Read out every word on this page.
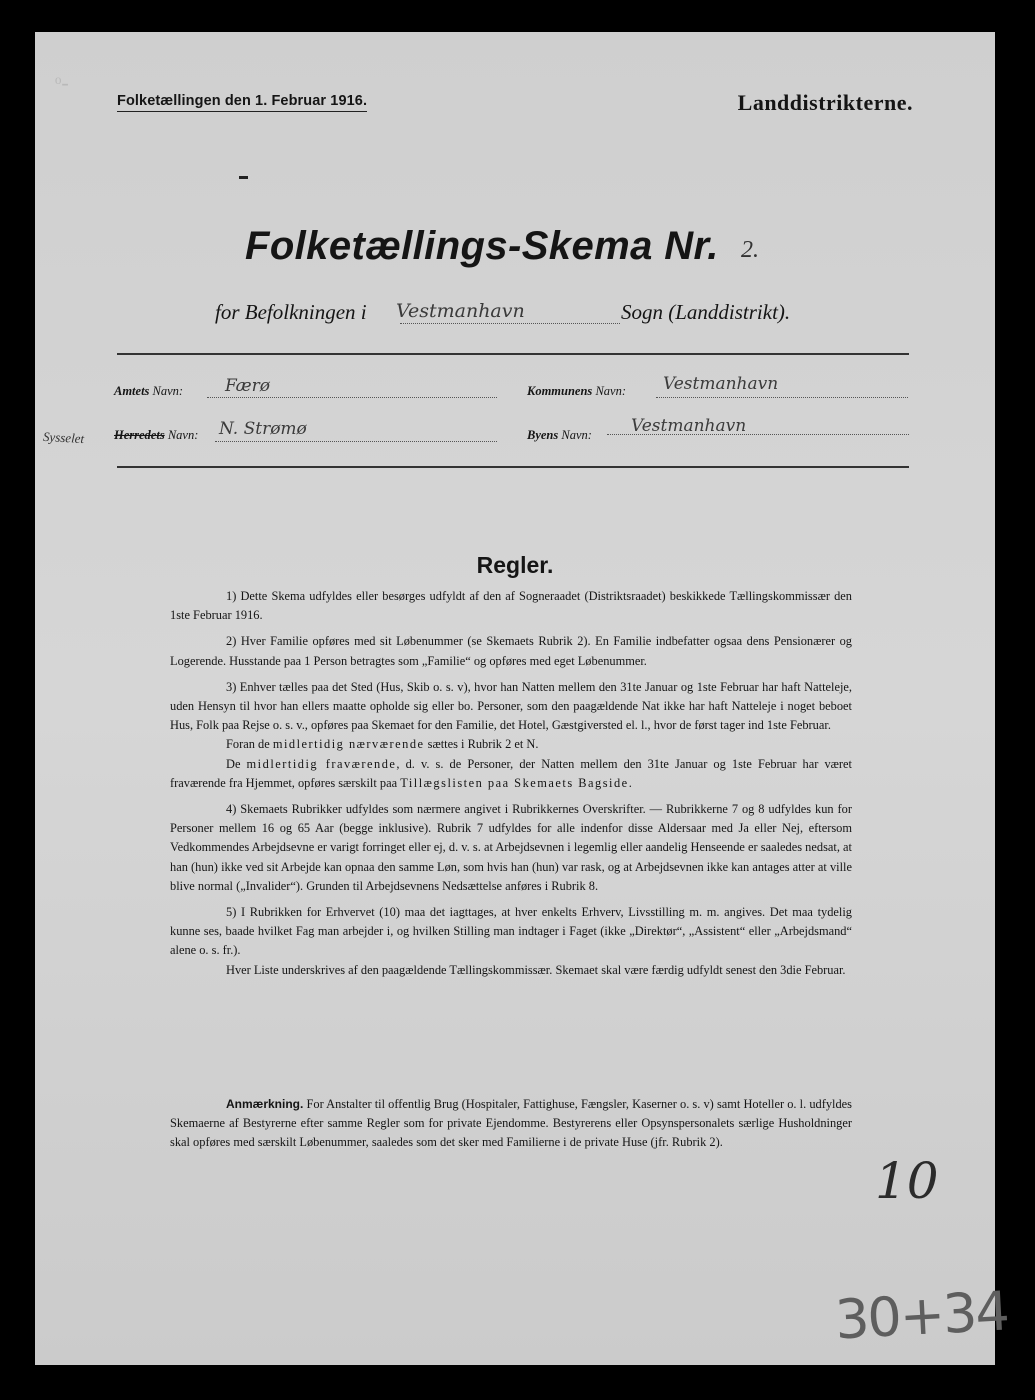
ᵒ-
Folketællingen den 1. Februar 1916.	Landdistrikterne.
Folketællings-Skema Nr. 2.
for Befolkningen i Vestmanhavn	Sogn (Landdistrikt).
Amtets Navn: Færø	Kommunens Navn: Vestmanhavn
Sysselet Herredets Navn: N. Strømø	Byens Navn: Vestmanhavn
Regler.

1) Dette Skema udfyldes eller besørges udfyldt af den af Sogneraadet (Distriktsraadet) beskikkede Tællingskommissær den 1ste Februar 1916.

2) Hver Familie opføres med sit Løbenummer (se Skemaets Rubrik 2). En Familie indbefatter ogsaa dens Pensionærer og Logerende. Husstande paa 1 Person betragtes som „Familie“ og opføres med eget Løbenummer.

3) Enhver tælles paa det Sted (Hus, Skib o. s. v), hvor han Natten mellem den 31te Januar og 1ste Februar har haft Natteleje, uden Hensyn til hvor han ellers maatte opholde sig eller bo. Personer, som den paagældende Nat ikke har haft Natteleje i noget beboet Hus, Folk paa Rejse o. s. v., opføres paa Skemaet for den Familie, det Hotel, Gæstgiversted el. l., hvor de først tager ind 1ste Februar.

Foran de midlertidig nærværende sættes i Rubrik 2 et N.

De midlertidig fraværende, d. v. s. de Personer, der Natten mellem den 31te Januar og 1ste Februar har været fraværende fra Hjemmet, opføres særskilt paa Tillægslisten paa Skemaets Bagside.

4) Skemaets Rubrikker udfyldes som nærmere angivet i Rubrikkernes Overskrifter. — Rubrikkerne 7 og 8 udfyldes kun for Personer mellem 16 og 65 Aar (begge inklusive). Rubrik 7 udfyldes for alle indenfor disse Aldersaar med Ja eller Nej, eftersom Vedkommendes Arbejdsevne er varigt forringet eller ej, d. v. s. at Arbejdsevnen i legemlig eller aandelig Henseende er saaledes nedsat, at han (hun) ikke ved sit Arbejde kan opnaa den samme Løn, som hvis han (hun) var rask, og at Arbejdsevnen ikke kan antages atter at ville blive normal („Invalider“). Grunden til Arbejdsevnens Nedsættelse anføres i Rubrik 8.

5) I Rubrikken for Erhvervet (10) maa det iagttages, at hver enkelts Erhverv, Livsstilling m. m. angives. Det maa tydelig kunne ses, baade hvilket Fag man arbejder i, og hvilken Stilling man indtager i Faget (ikke „Direktør“, „Assistent“ eller „Arbejdsmand“ alene o. s. fr.).

Hver Liste underskrives af den paagældende Tællingskommissær. Skemaet skal være færdig udfyldt senest den 3die Februar.

Anmærkning. For Anstalter til offentlig Brug (Hospitaler, Fattighuse, Fængsler, Kaserner o. s. v) samt Hoteller o. l. udfyldes Skemaerne af Bestyrerne efter samme Regler som for private Ejendomme. Bestyrerens eller Opsynspersonalets særlige Husholdninger skal opføres med særskilt Løbenummer, saaledes som det sker med Familierne i de private Huse (jfr. Rubrik 2).
10
30+34
